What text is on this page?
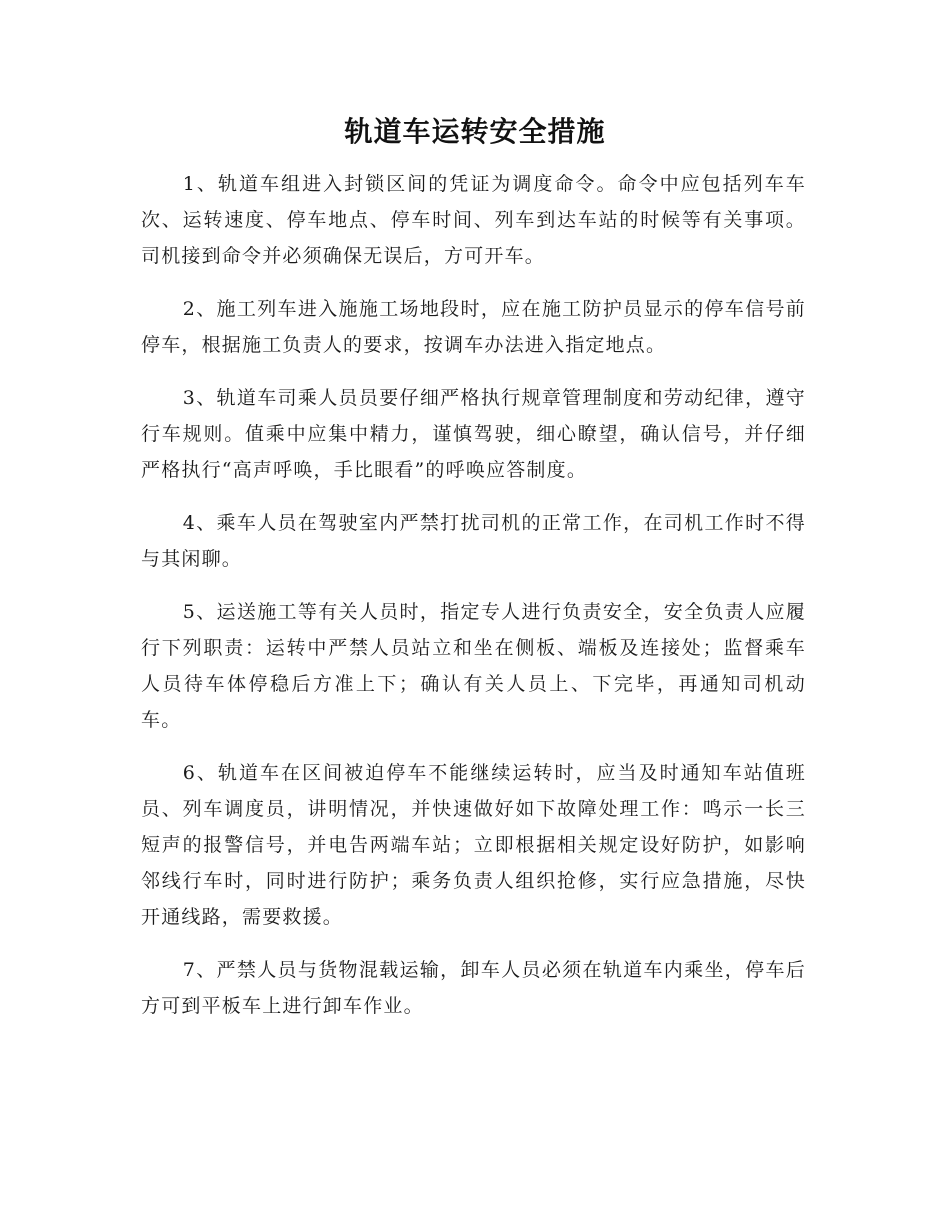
轨道车运转安全措施

1、轨道车组进入封锁区间的凭证为调度命令。命令中应包括列车车次、运转速度、停车地点、停车时间、列车到达车站的时候等有关事项。司机接到命令并必须确保无误后，方可开车。

2、施工列车进入施施工场地段时，应在施工防护员显示的停车信号前停车，根据施工负责人的要求，按调车办法进入指定地点。

3、轨道车司乘人员员要仔细严格执行规章管理制度和劳动纪律，遵守行车规则。值乘中应集中精力，谨慎驾驶，细心瞭望，确认信号，并仔细严格执行“高声呼唤，手比眼看”的呼唤应答制度。

4、乘车人员在驾驶室内严禁打扰司机的正常工作，在司机工作时不得与其闲聊。

5、运送施工等有关人员时，指定专人进行负责安全，安全负责人应履行下列职责：运转中严禁人员站立和坐在侧板、端板及连接处；监督乘车人员待车体停稳后方准上下；确认有关人员上、下完毕，再通知司机动车。

6、轨道车在区间被迫停车不能继续运转时，应当及时通知车站值班员、列车调度员，讲明情况，并快速做好如下故障处理工作：鸣示一长三短声的报警信号，并电告两端车站；立即根据相关规定设好防护，如影响邻线行车时，同时进行防护；乘务负责人组织抢修，实行应急措施，尽快开通线路，需要救援。

7、严禁人员与货物混载运输，卸车人员必须在轨道车内乘坐，停车后方可到平板车上进行卸车作业。
